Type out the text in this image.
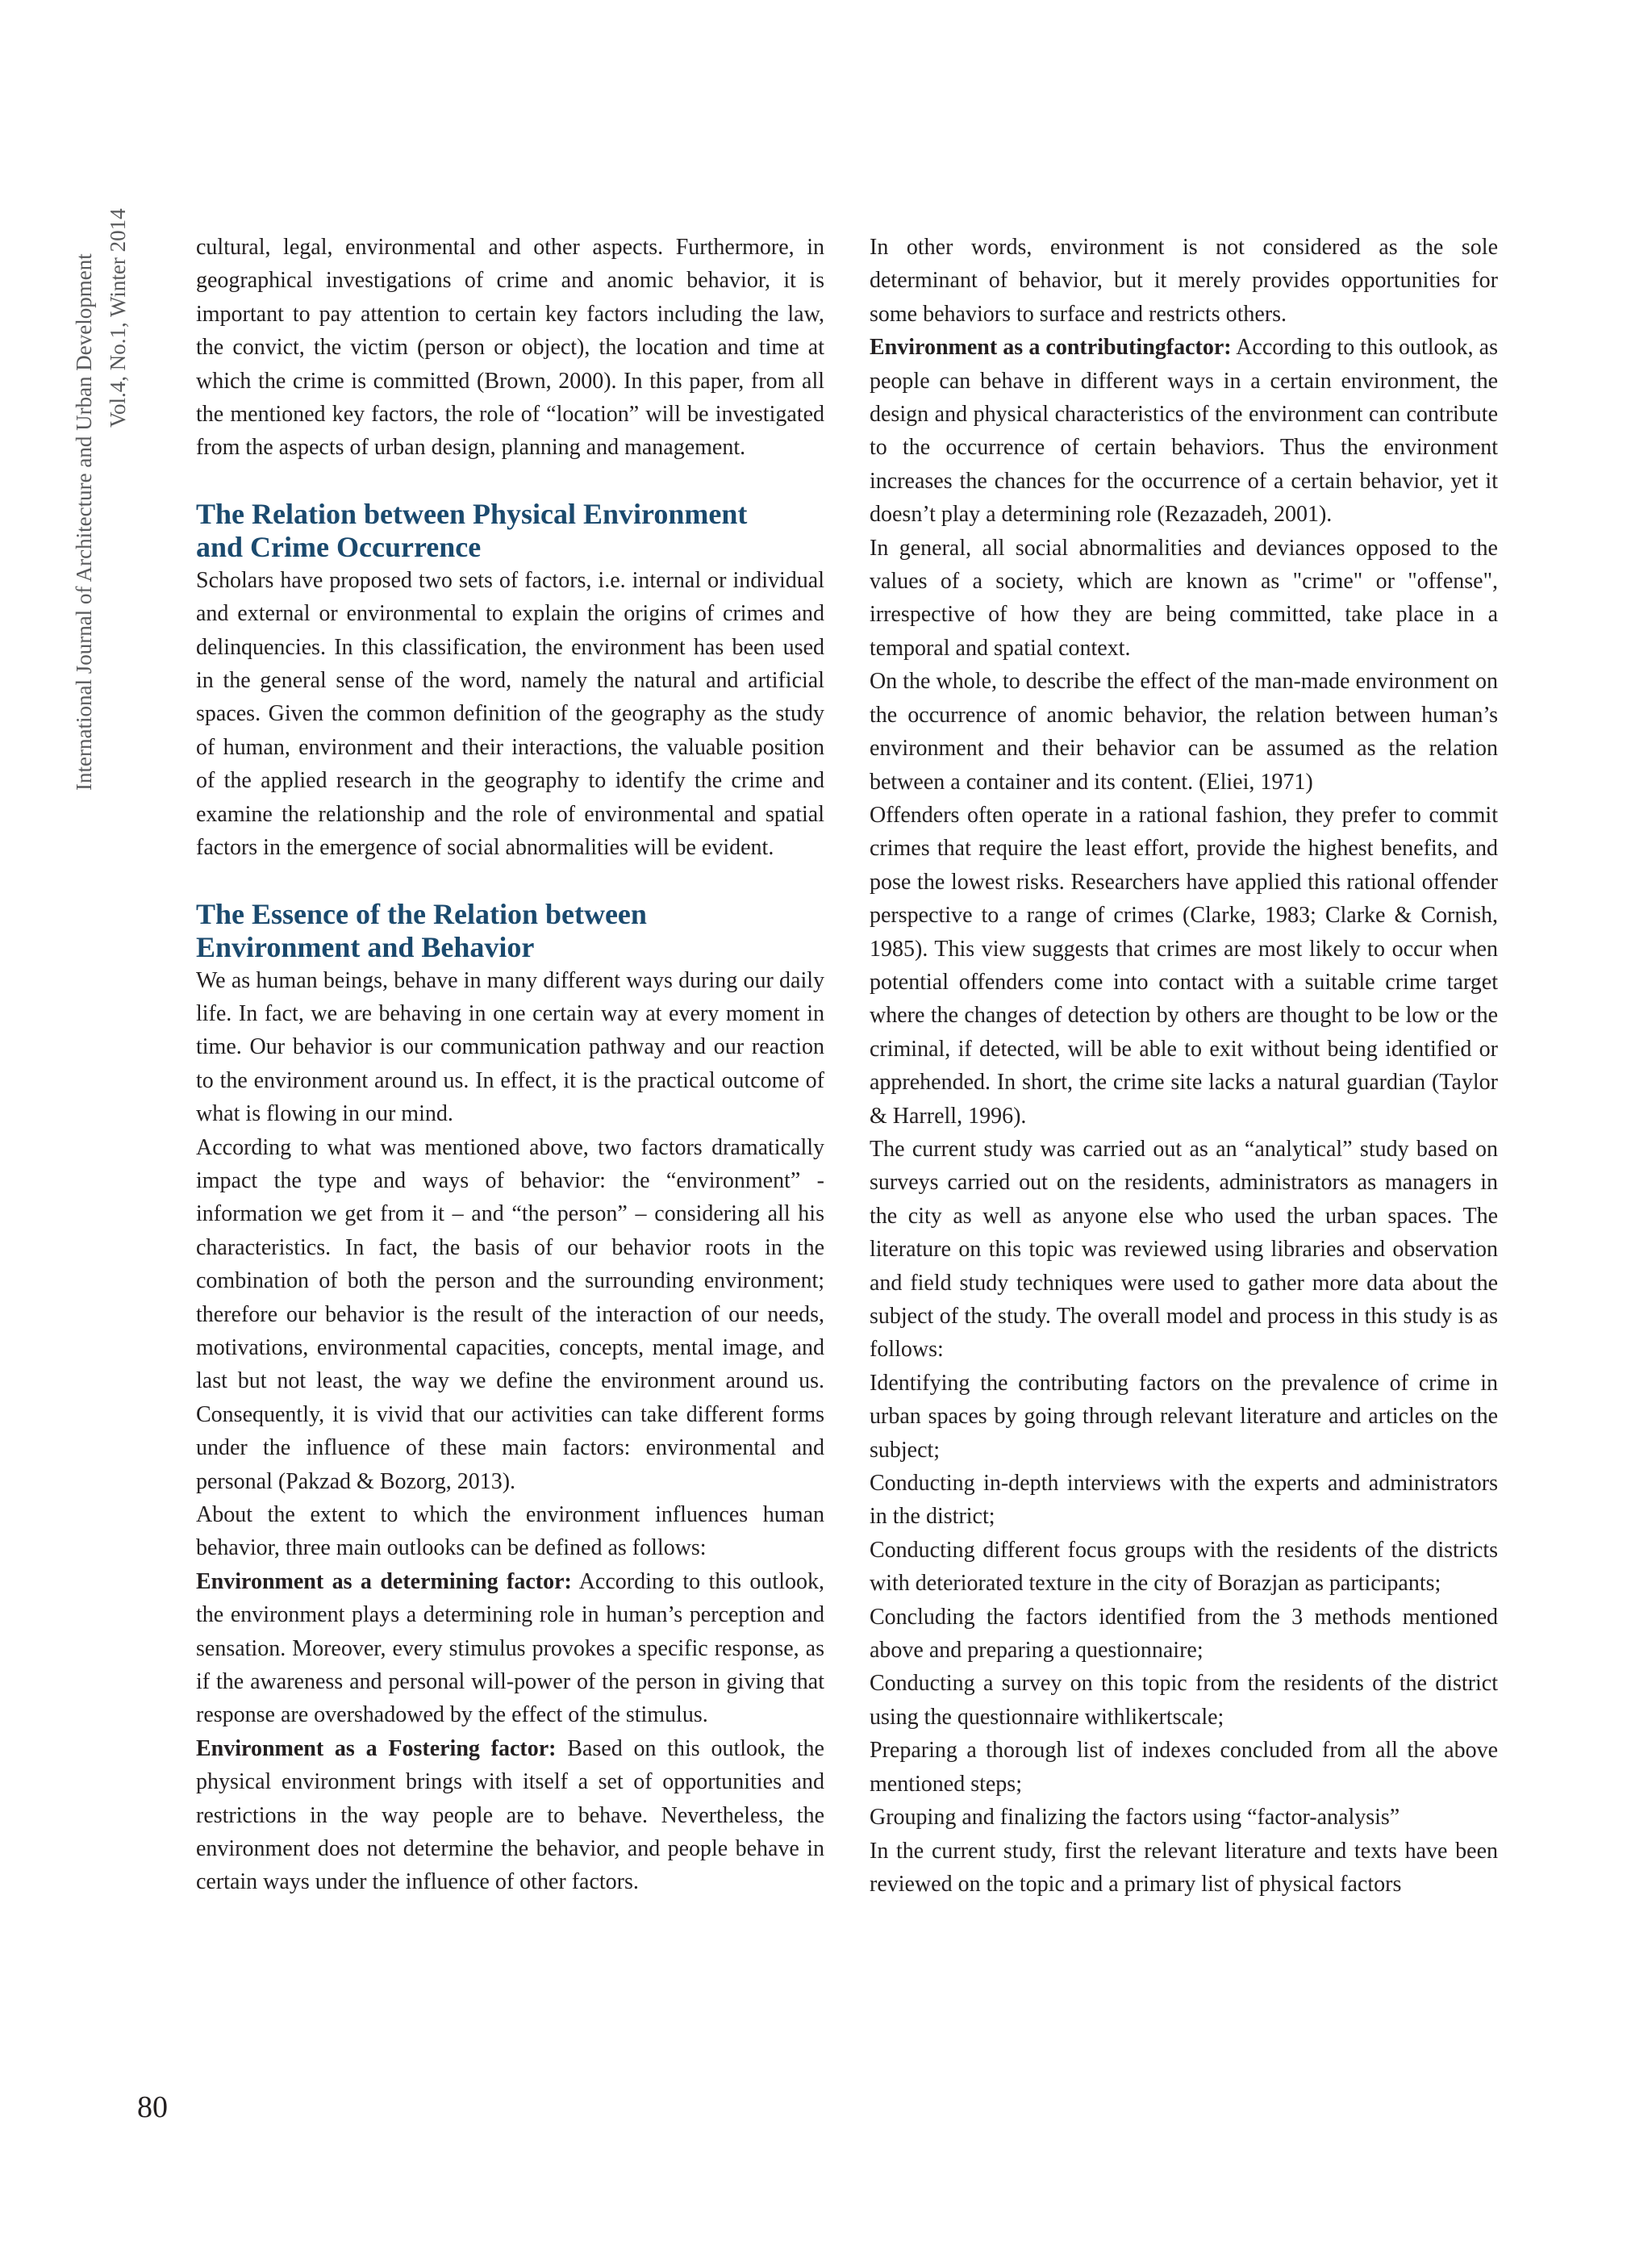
International Journal of Architecture and Urban Development Vol.4, No.1, Winter 2014	cultural, legal, environmental and other aspects. Furthermore, in geographical investigations of crime and anomic behavior, it is important to pay attention to certain key factors including the law, the convict, the victim (person or object), the location and time at which the crime is committed (Brown, 2000). In this paper, from all the mentioned key factors, the role of “location” will be investigated from the aspects of urban design, planning and management.

The Relation between Physical Environment
and Crime Occurrence

Scholars have proposed two sets of factors, i.e. internal or individual and external or environmental to explain the origins of crimes and delinquencies. In this classification, the environment has been used in the general sense of the word, namely the natural and artificial spaces. Given the common definition of the geography as the study of human, environment and their interactions, the valuable position of the applied research in the geography to identify the crime and examine the relationship and the role of environmental and spatial factors in the emergence of social abnormalities will be evident.

The Essence of the Relation between
Environment and Behavior

We as human beings, behave in many different ways during our daily life. In fact, we are behaving in one certain way at every moment in time. Our behavior is our communication pathway and our reaction to the environment around us. In effect, it is the practical outcome of what is flowing in our mind.

According to what was mentioned above, two factors dramatically impact the type and ways of behavior: the “environment” - information we get from it – and “the person” – considering all his characteristics. In fact, the basis of our behavior roots in the combination of both the person and the surrounding environment; therefore our behavior is the result of the interaction of our needs, motivations, environmental capacities, concepts, mental image, and last but not least, the way we define the environment around us. Consequently, it is vivid that our activities can take different forms under the influence of these main factors: environmental and personal (Pakzad & Bozorg, 2013).

About the extent to which the environment influences human behavior, three main outlooks can be defined as follows:

Environment as a determining factor: According to this outlook, the environment plays a determining role in human’s perception and sensation. Moreover, every stimulus provokes a specific response, as if the awareness and personal will-power of the person in giving that response are overshadowed by the effect of the stimulus.

Environment as a Fostering factor: Based on this outlook, the physical environment brings with itself a set of opportunities and restrictions in the way people are to behave. Nevertheless, the environment does not determine the behavior, and people behave in certain ways under the influence of other factors.

In other words, environment is not considered as the sole determinant of behavior, but it merely provides opportunities for some behaviors to surface and restricts others.

Environment as a contributingfactor: According to this outlook, as people can behave in different ways in a certain environment, the design and physical characteristics of the environment can contribute to the occurrence of certain behaviors. Thus the environment increases the chances for the occurrence of a certain behavior, yet it doesn’t play a determining role (Rezazadeh, 2001).

In general, all social abnormalities and deviances opposed to the values of a society, which are known as "crime" or "offense", irrespective of how they are being committed, take place in a temporal and spatial context.

On the whole, to describe the effect of the man-made environment on the occurrence of anomic behavior, the relation between human’s environment and their behavior can be assumed as the relation between a container and its content. (Eliei, 1971)

Offenders often operate in a rational fashion, they prefer to commit crimes that require the least effort, provide the highest benefits, and pose the lowest risks. Researchers have applied this rational offender perspective to a range of crimes (Clarke, 1983; Clarke & Cornish, 1985). This view suggests that crimes are most likely to occur when potential offenders come into contact with a suitable crime target where the changes of detection by others are thought to be low or the criminal, if detected, will be able to exit without being identified or apprehended. In short, the crime site lacks a natural guardian (Taylor & Harrell, 1996).

The current study was carried out as an “analytical” study based on surveys carried out on the residents, administrators as managers in the city as well as anyone else who used the urban spaces. The literature on this topic was reviewed using libraries and observation and field study techniques were used to gather more data about the subject of the study. The overall model and process in this study is as follows:

Identifying the contributing factors on the prevalence of crime in urban spaces by going through relevant literature and articles on the subject;

Conducting in-depth interviews with the experts and administrators in the district;

Conducting different focus groups with the residents of the districts with deteriorated texture in the city of Borazjan as participants;

Concluding the factors identified from the 3 methods mentioned above and preparing a questionnaire;

Conducting a survey on this topic from the residents of the district using the questionnaire withlikertscale;

Preparing a thorough list of indexes concluded from all the above mentioned steps;

Grouping and finalizing the factors using “factor-analysis”

In the current study, first the relevant literature and texts have been reviewed on the topic and a primary list of physical factors

80
